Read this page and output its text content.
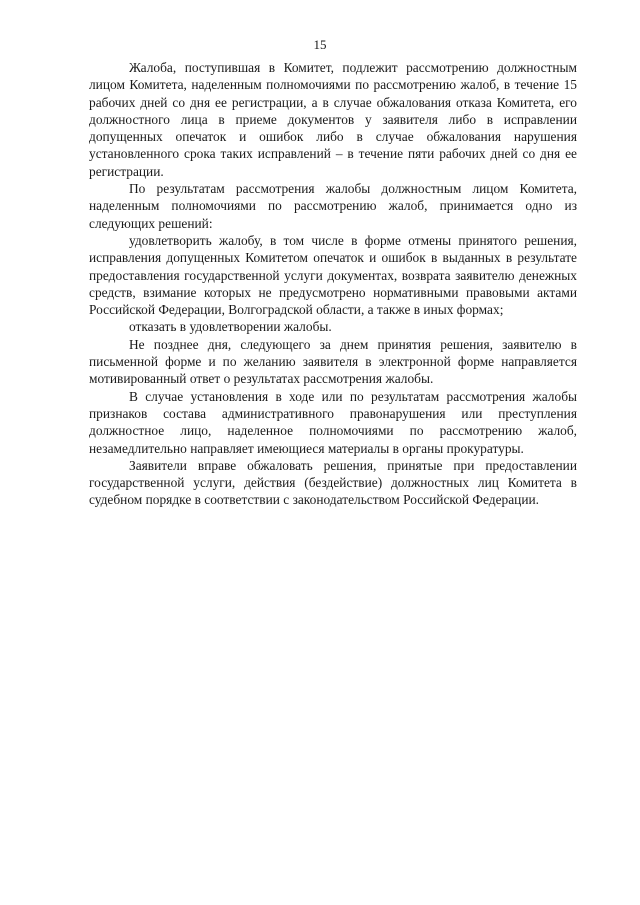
15

Жалоба, поступившая в Комитет, подлежит рассмотрению должностным лицом Комитета, наделенным полномочиями по рассмотрению жалоб, в течение 15 рабочих дней со дня ее регистрации, а в случае обжалования отказа Комитета, его должностного лица в приеме документов у заявителя либо в исправлении допущенных опечаток и ошибок либо в случае обжалования нарушения установленного срока таких исправлений – в течение пяти рабочих дней со дня ее регистрации.

По результатам рассмотрения жалобы должностным лицом Комитета, наделенным полномочиями по рассмотрению жалоб, принимается одно из следующих решений:

удовлетворить жалобу, в том числе в форме отмены принятого решения, исправления допущенных Комитетом опечаток и ошибок в выданных в результате предоставления государственной услуги документах, возврата заявителю денежных средств, взимание которых не предусмотрено нормативными правовыми актами Российской Федерации, Волгоградской области, а также в иных формах;

отказать в удовлетворении жалобы.

Не позднее дня, следующего за днем принятия решения, заявителю в письменной форме и по желанию заявителя в электронной форме направляется мотивированный ответ о результатах рассмотрения жалобы.

В случае установления в ходе или по результатам рассмотрения жалобы признаков состава административного правонарушения или преступления должностное лицо, наделенное полномочиями по рассмотрению жалоб, незамедлительно направляет имеющиеся материалы в органы прокуратуры.

Заявители вправе обжаловать решения, принятые при предоставлении государственной услуги, действия (бездействие) должностных лиц Комитета в судебном порядке в соответствии с законодательством Российской Федерации.
